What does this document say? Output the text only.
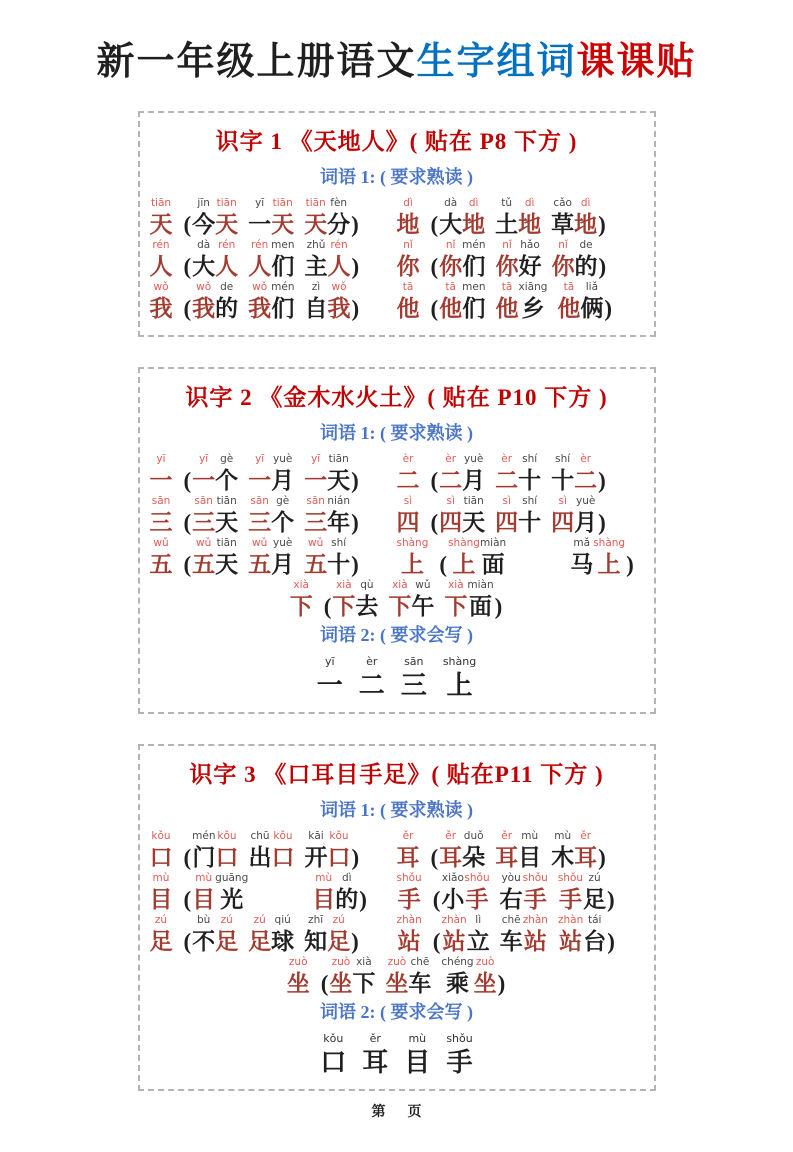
新一年级上册语文生字组词课课贴
识字 1 《天地人》( 贴在 P8 下方 )
词语 1: ( 要求熟读 )
tiān
天 (
jīn
今
tiān
天
yī
一
tiān
天
tiān
天
fèn
分 )
dì
地 (
dà
大
dì
地
tǔ
土
dì
地
cǎo
草
dì
地 )
rén
人 (
dà
大
rén
人
rén
人
men
们
zhǔ
主
rén
人 )
nǐ
你 (
nǐ
你
mén
们
nǐ
你
hǎo
好
nǐ
你
de
的 )
wǒ
我 (
wǒ
我
de
的
wǒ
我
mén
们
zì
自
wǒ
我 )
tā
他 (
tā
他
men
们
tā
他
xiāng
乡
tā
他
liǎ
俩 )
识字 2 《金木水火土》( 贴在 P10 下方 )
词语 1: ( 要求熟读 )
yī
一 (
yī
一
gè
个
yī
一
yuè
月
yī
一
tiān
天 )
èr
二 (
èr
二
yuè
月
èr
二
shí
十
shí
十
èr
二 )
sān
三 (
sān
三
tiān
天
sān
三
gè
个
sān
三
nián
年 )
sì
四 (
sì
四
tiān
天
sì
四
shí
十
sì
四
yuè
月 )
wǔ
五 (
wǔ
五
tiān
天
wǔ
五
yuè
月
wǔ
五
shí
十 )
shàng
上 (
shàng
上
miàn
面
mǎ
马
shàng
上 )
xià
下 (
xià
下
qù
去
xià
下
wǔ
午
xià
下
miàn
面 )
词语 2: ( 要求会写 )
yī
一
èr
二
sān
三
shàng
上
识字 3 《口耳目手足》( 贴在P11 下方 )
词语 1: ( 要求熟读 )
kǒu
口 (
mén
门
kǒu
口
chū
出
kǒu
口
kāi
开
kǒu
口 )
ěr
耳 (
ěr
耳
duǒ
朵
ěr
耳
mù
目
mù
木
ěr
耳 )
mù
目 (
mù
目
guāng
光
mù
目
dì
的 )
shǒu
手 (
xiǎo
小
shǒu
手
yòu
右
shǒu
手
shǒu
手
zú
足 )
zú
足 (
bù
不
zú
足
zú
足
qiú
球
zhī
知
zú
足 )
zhàn
站 (
zhàn
站
lì
立
chē
车
zhàn
站
zhàn
站
tái
台 )
zuò
坐 (
zuò
坐
xià
下
zuò
坐
chē
车
chéng
乘
zuò
坐 )
词语 2: ( 要求会写 )
kǒu
口
ěr
耳
mù
目
shǒu
手
第 页
